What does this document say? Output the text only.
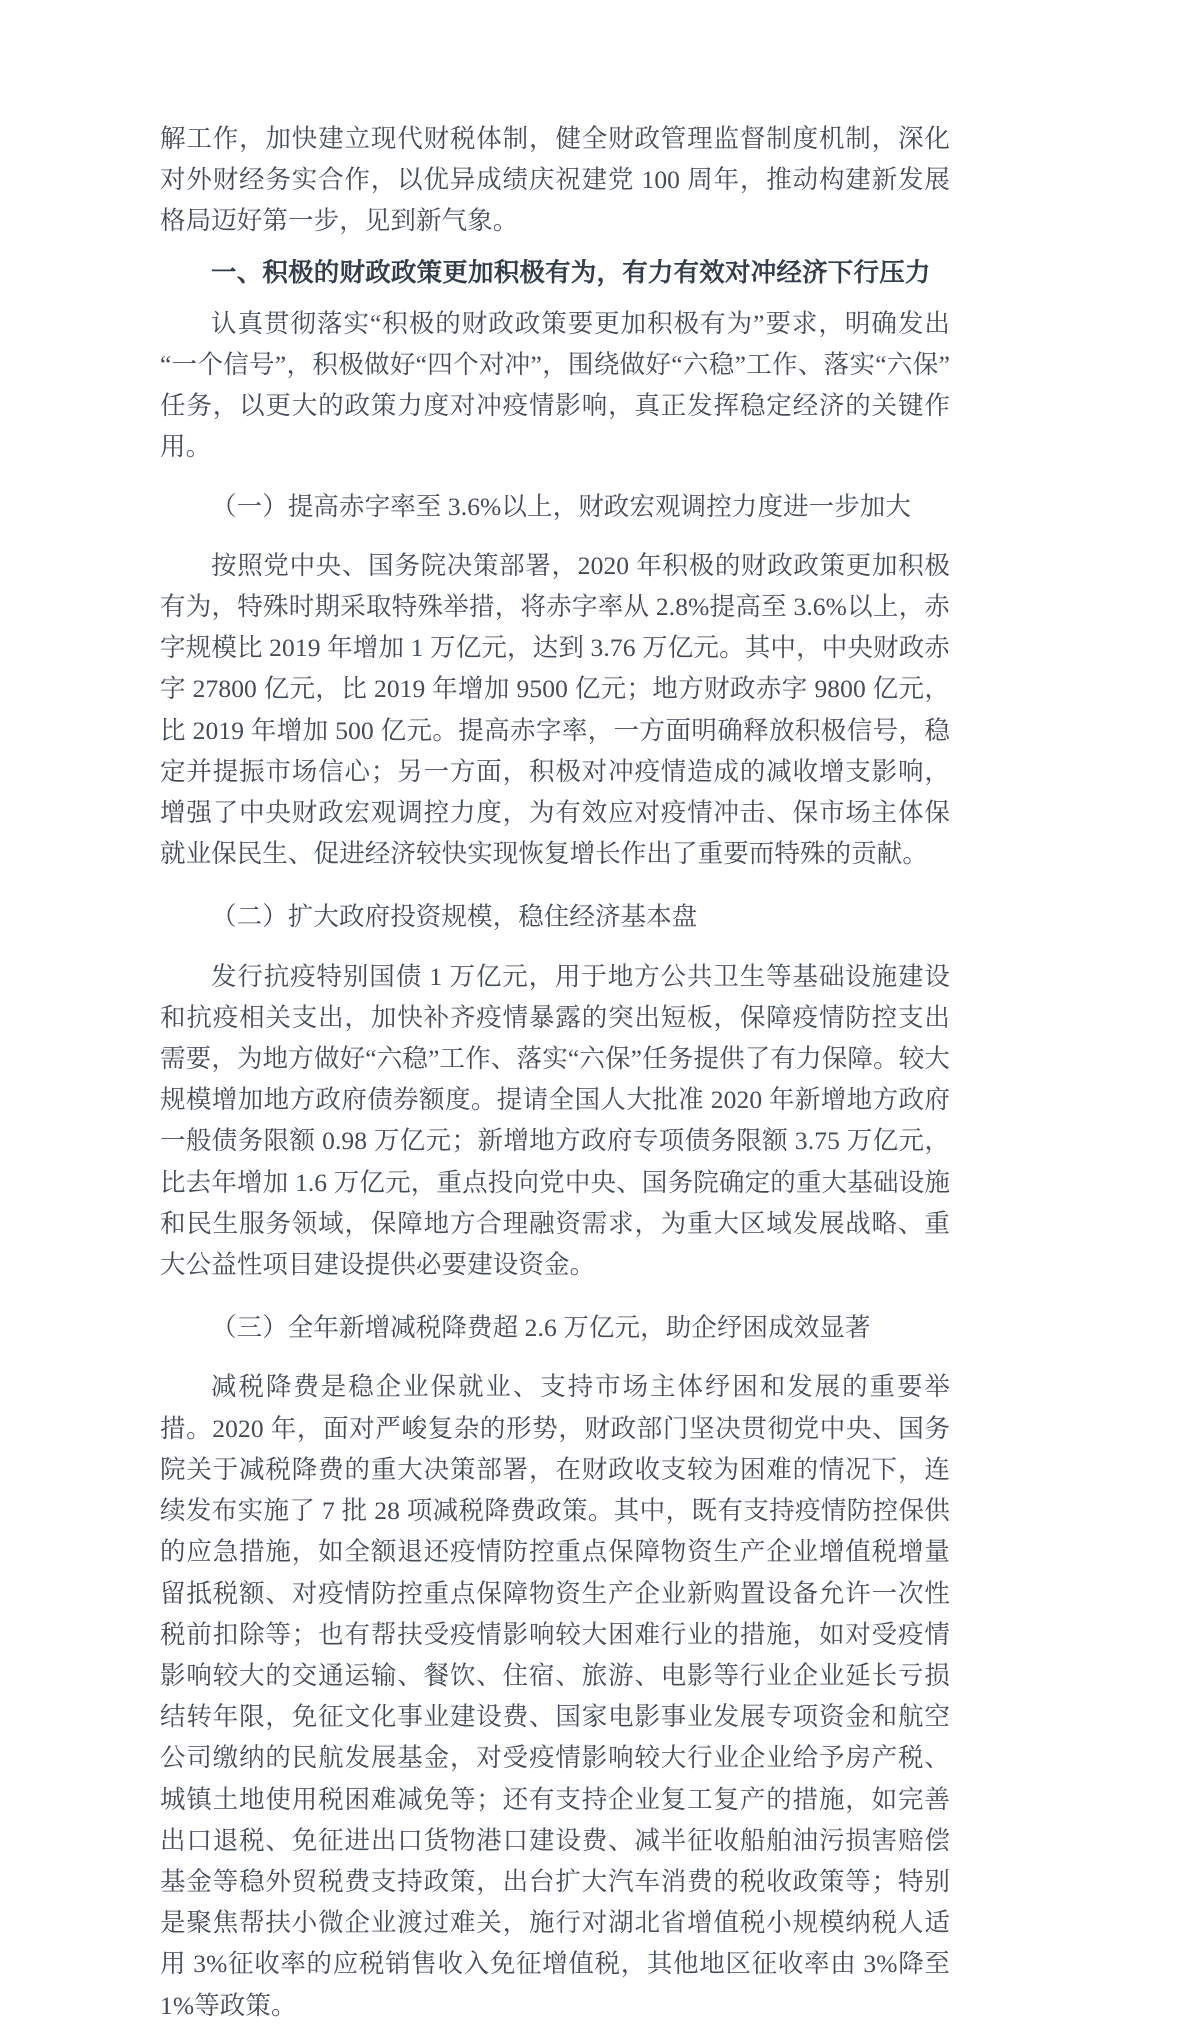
解工作，加快建立现代财税体制，健全财政管理监督制度机制，深化对外财经务实合作，以优异成绩庆祝建党 100 周年，推动构建新发展格局迈好第一步，见到新气象。

一、积极的财政政策更加积极有为，有力有效对冲经济下行压力

认真贯彻落实“积极的财政政策要更加积极有为”要求，明确发出“一个信号”，积极做好“四个对冲”，围绕做好“六稳”工作、落实“六保”任务，以更大的政策力度对冲疫情影响，真正发挥稳定经济的关键作用。

（一）提高赤字率至 3.6%以上，财政宏观调控力度进一步加大

按照党中央、国务院决策部署，2020 年积极的财政政策更加积极有为，特殊时期采取特殊举措，将赤字率从 2.8%提高至 3.6%以上，赤字规模比 2019 年增加 1 万亿元，达到 3.76 万亿元。其中，中央财政赤字 27800 亿元，比 2019 年增加 9500 亿元；地方财政赤字 9800 亿元，比 2019 年增加 500 亿元。提高赤字率，一方面明确释放积极信号，稳定并提振市场信心；另一方面，积极对冲疫情造成的减收增支影响，增强了中央财政宏观调控力度，为有效应对疫情冲击、保市场主体保就业保民生、促进经济较快实现恢复增长作出了重要而特殊的贡献。

（二）扩大政府投资规模，稳住经济基本盘

发行抗疫特别国债 1 万亿元，用于地方公共卫生等基础设施建设和抗疫相关支出，加快补齐疫情暴露的突出短板，保障疫情防控支出需要，为地方做好“六稳”工作、落实“六保”任务提供了有力保障。较大规模增加地方政府债券额度。提请全国人大批准 2020 年新增地方政府一般债务限额 0.98 万亿元；新增地方政府专项债务限额 3.75 万亿元，比去年增加 1.6 万亿元，重点投向党中央、国务院确定的重大基础设施和民生服务领域，保障地方合理融资需求，为重大区域发展战略、重大公益性项目建设提供必要建设资金。

（三）全年新增减税降费超 2.6 万亿元，助企纾困成效显著

减税降费是稳企业保就业、支持市场主体纾困和发展的重要举措。2020 年，面对严峻复杂的形势，财政部门坚决贯彻党中央、国务院关于减税降费的重大决策部署，在财政收支较为困难的情况下，连续发布实施了 7 批 28 项减税降费政策。其中，既有支持疫情防控保供的应急措施，如全额退还疫情防控重点保障物资生产企业增值税增量留抵税额、对疫情防控重点保障物资生产企业新购置设备允许一次性税前扣除等；也有帮扶受疫情影响较大困难行业的措施，如对受疫情影响较大的交通运输、餐饮、住宿、旅游、电影等行业企业延长亏损结转年限，免征文化事业建设费、国家电影事业发展专项资金和航空公司缴纳的民航发展基金，对受疫情影响较大行业企业给予房产税、城镇土地使用税困难减免等；还有支持企业复工复产的措施，如完善出口退税、免征进出口货物港口建设费、减半征收船舶油污损害赔偿基金等稳外贸税费支持政策，出台扩大汽车消费的税收政策等；特别是聚焦帮扶小微企业渡过难关，施行对湖北省增值税小规模纳税人适用 3%征收率的应税销售收入免征增值税，其他地区征收率由 3%降至 1%等政策。
